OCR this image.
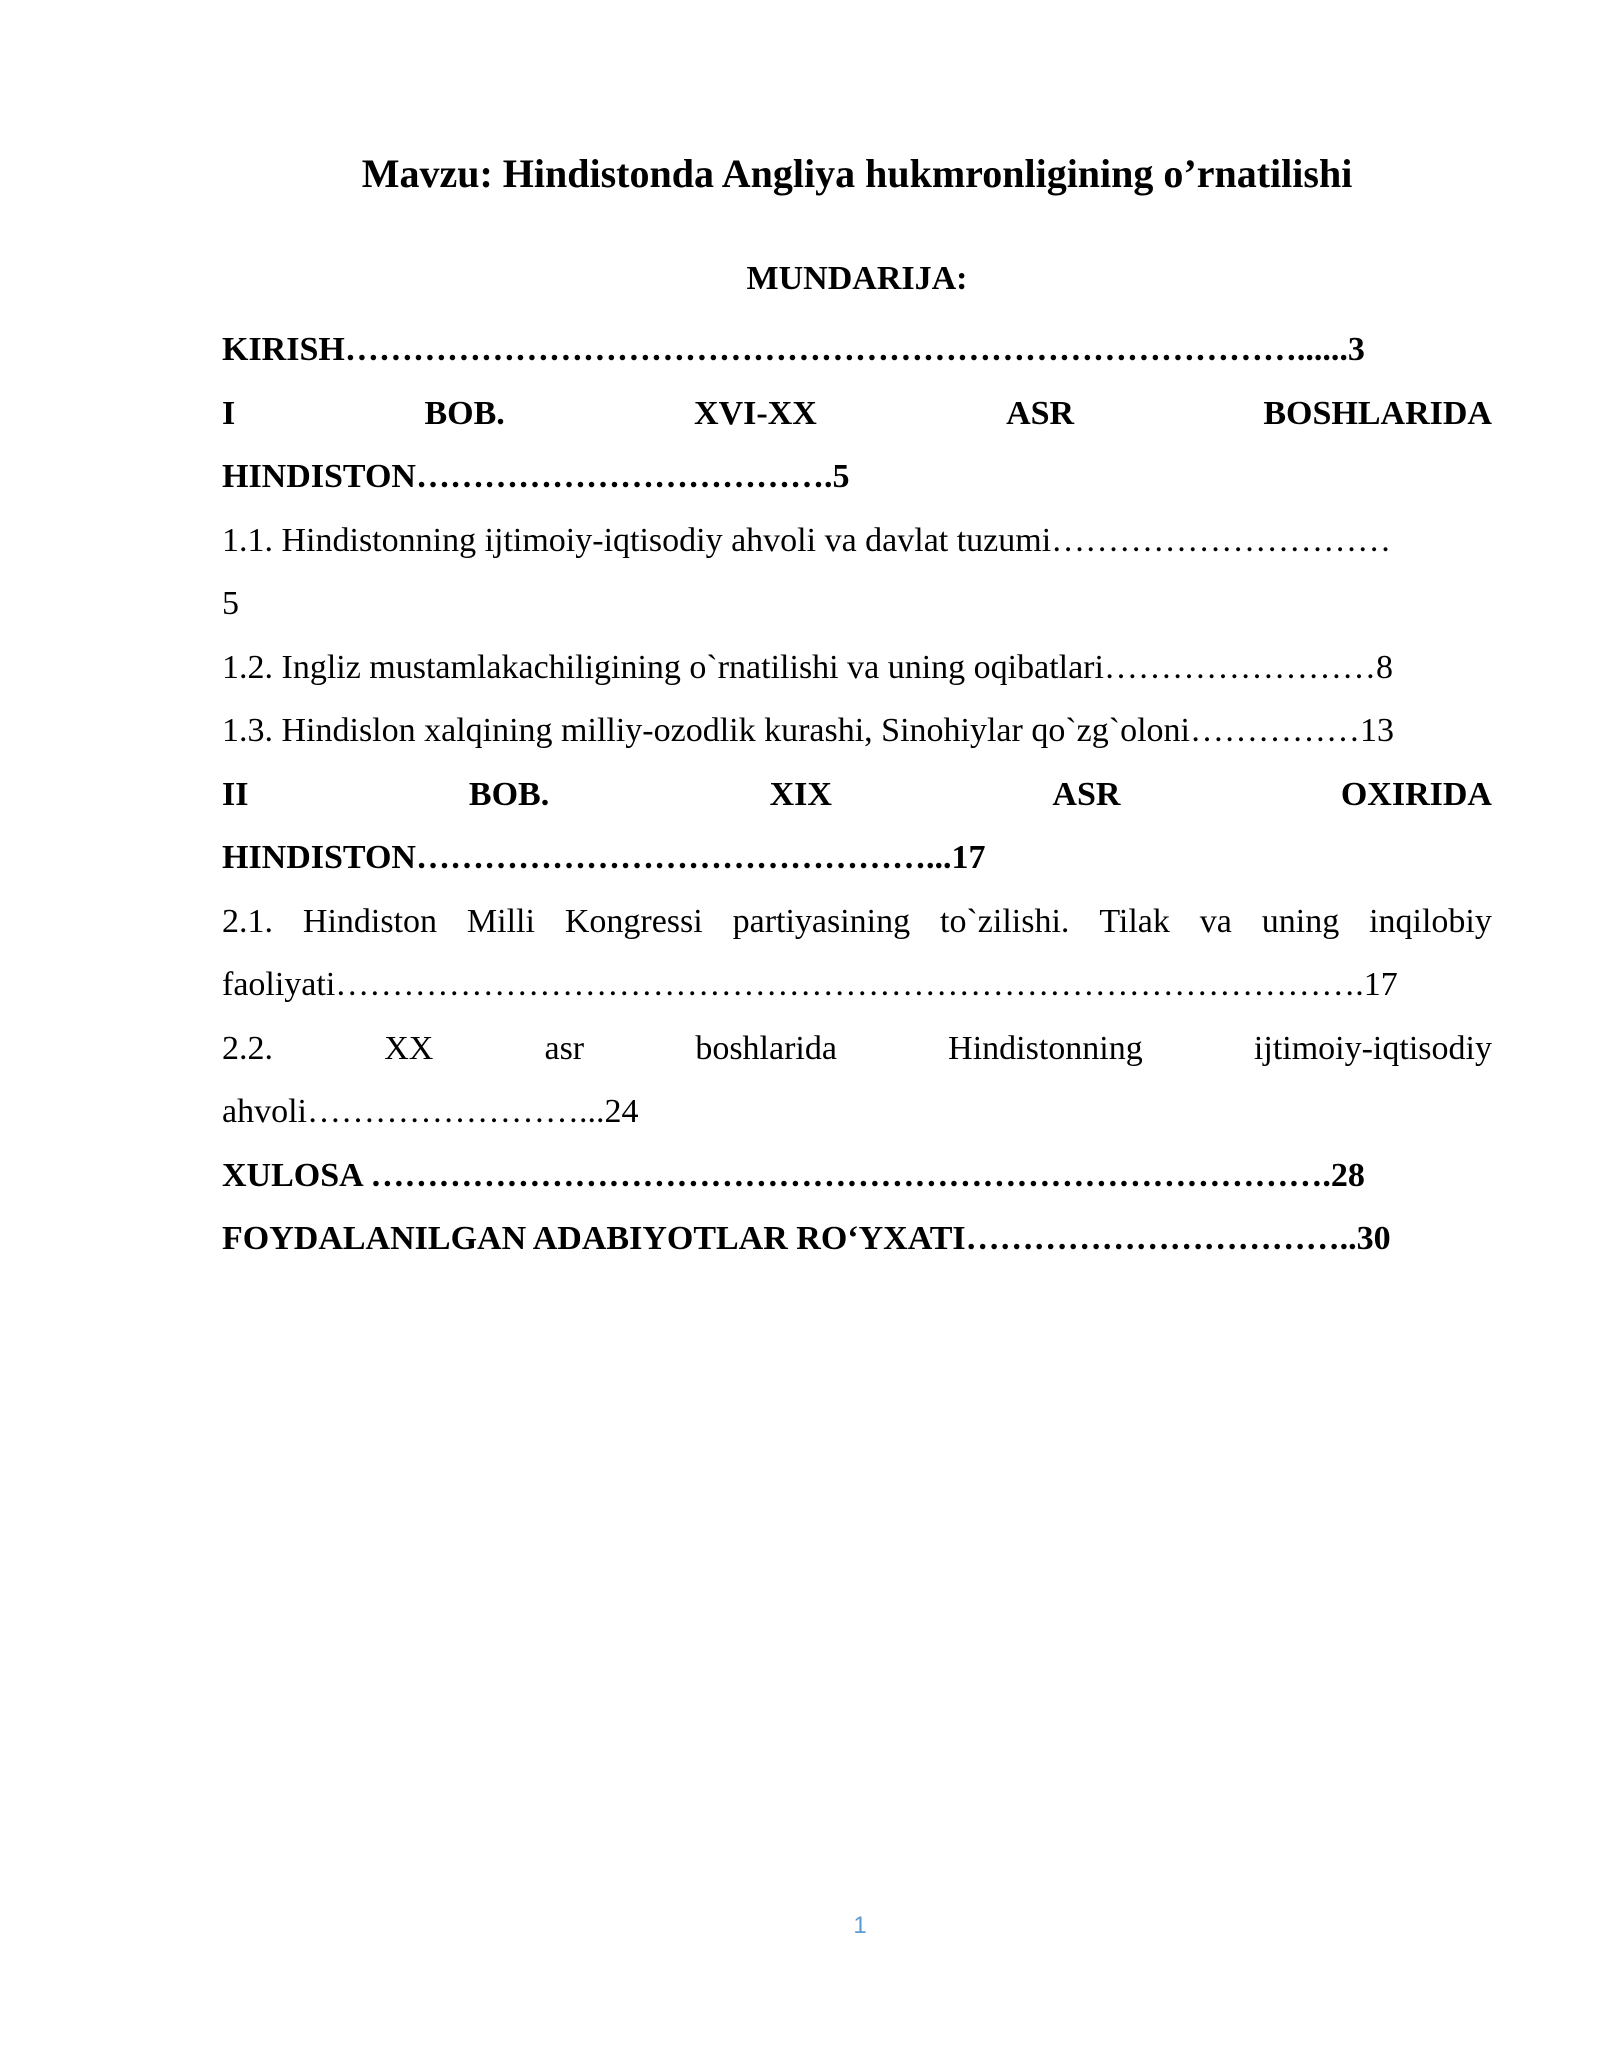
Mavzu: Hindistonda Angliya hukmronligining o’rnatilishi
MUNDARIJA:
KIRISH…………………………………………………………………………......3
I	BOB.	XVI-XX	ASR	BOSHLARIDA
HINDISTON……………………………….5
1.1. Hindistonning ijtimoiy-iqtisodiy ahvoli va davlat tuzumi…………………………
5
1.2. Ingliz mustamlakachiligining o`rnatilishi va uning oqibatlari……………………8
1.3. Hindislon xalqining milliy-ozodlik kurashi, Sinohiylar qo`zg`oloni……………13
II	BOB.	XIX	ASR	OXIRIDA
HINDISTON………………………………………...17
2.1. Hindiston Milli Kongressi partiyasining to`zilishi. Tilak va uning inqilobiy
faoliyati……………………………………………………………………………….17
2.2.	XX	asr	boshlarida	Hindistonning	ijtimoiy-iqtisodiy
ahvoli……………………...24
XULOSA ………………………………………………………………………….28
FOYDALANILGAN ADABIYOTLAR RO‘YXATI……………………………..30
1
